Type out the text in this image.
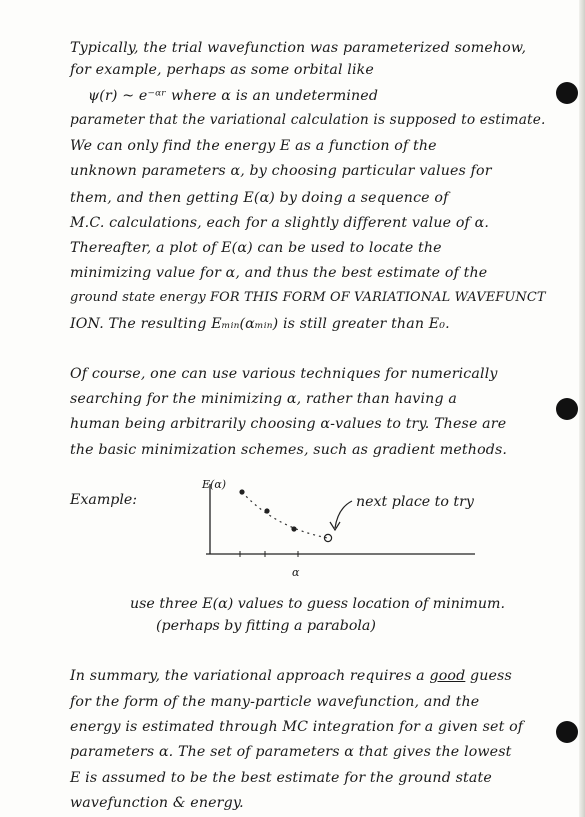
Typically, the trial wavefunction was parameterized somehow,
for example, perhaps as some orbital like
ψ(r) ~ e⁻ᵅʳ where α is an undetermined
parameter that the variational calculation is supposed to estimate.
We can only find the energy E as a function of the
unknown parameters α, by choosing particular values for
them, and then getting E(α) by doing a sequence of
M.C. calculations, each for a slightly different value of α.
Thereafter, a plot of E(α) can be used to locate the
minimizing value for α, and thus the best estimate of the
ground state energy FOR THIS FORM OF VARIATIONAL WAVEFUNCT
ION. The resulting Eₘᵢₙ(αₘᵢₙ) is still greater than E₀.
Of course, one can use various techniques for numerically
searching for the minimizing α, rather than having a
human being arbitrarily choosing α-values to try. These are
the basic minimization schemes, such as gradient methods.
Example:
E(α)
α
next place to try
use three E(α) values to guess location of minimum.
(perhaps by fitting a parabola)
In summary, the variational approach requires a good guess
for the form of the many-particle wavefunction, and the
energy is estimated through MC integration for a given set of
parameters α. The set of parameters α that gives the lowest
E is assumed to be the best estimate for the ground state
wavefunction & energy.
